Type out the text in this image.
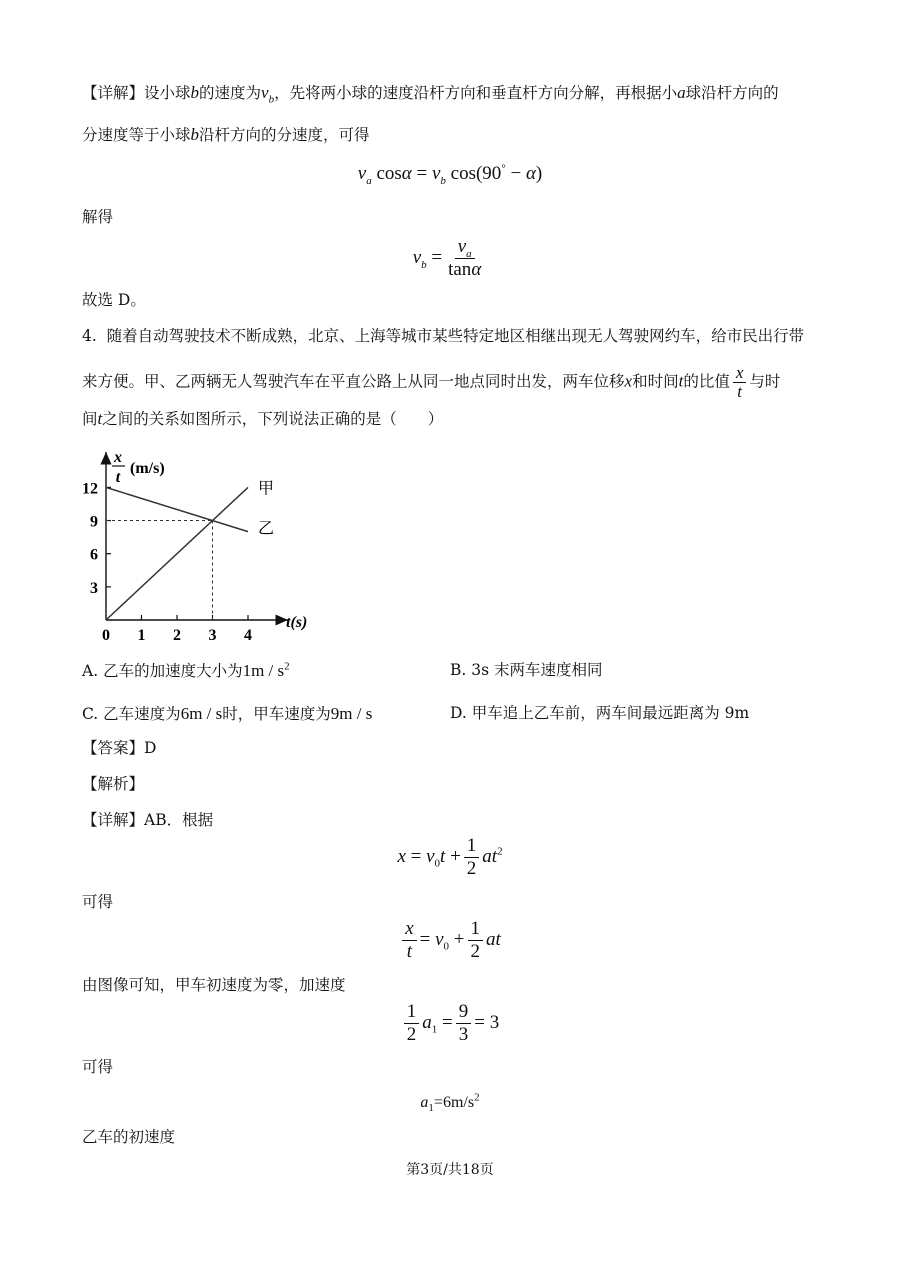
【详解】设小球b的速度为$v_b$，先将两小球的速度沿杆方向和垂直杆方向分解，再根据小a球沿杆方向的
分速度等于小球b沿杆方向的分速度，可得
$v_a$ $\cos\alpha = v_b$ cos(90° − α)
解得
$v_b = \frac{v_a}{\tan\alpha}$
故选 D。
4. 随着自动驾驶技术不断成熟，北京、上海等城市某些特定地区相继出现无人驾驶网约车，给市民出行带
来方便。甲、乙两辆无人驾驶汽车在平直公路上从同一地点同时出发，两车位移x和时间t的比值 $\frac{x}{t}$ 与时
间t之间的关系如图所示，下列说法正确的是（　　）
0 1 2 3 4
3
6
9
12	甲
乙
x
t
(m/s)
t(s)
A. 乙车的加速度大小为$1m / s^2$	B. 3s 末两车速度相同
C. 乙车速度为6m / s时，甲车速度为9m / s	D. 甲车追上乙车前，两车间最远距离为 9m
【答案】D
【解析】
【详解】AB．根据
$x = v_0t + \frac{1}{2} at^2$
可得
$\frac{x}{t} = v_0 + \frac{1}{2}$ at
由图像可知，甲车初速度为零，加速度
$\frac{1}{2} a_1 = \frac{9}{3} = 3$
可得
$a_1=6m/s^2$
乙车的初速度
第3页/共18页
